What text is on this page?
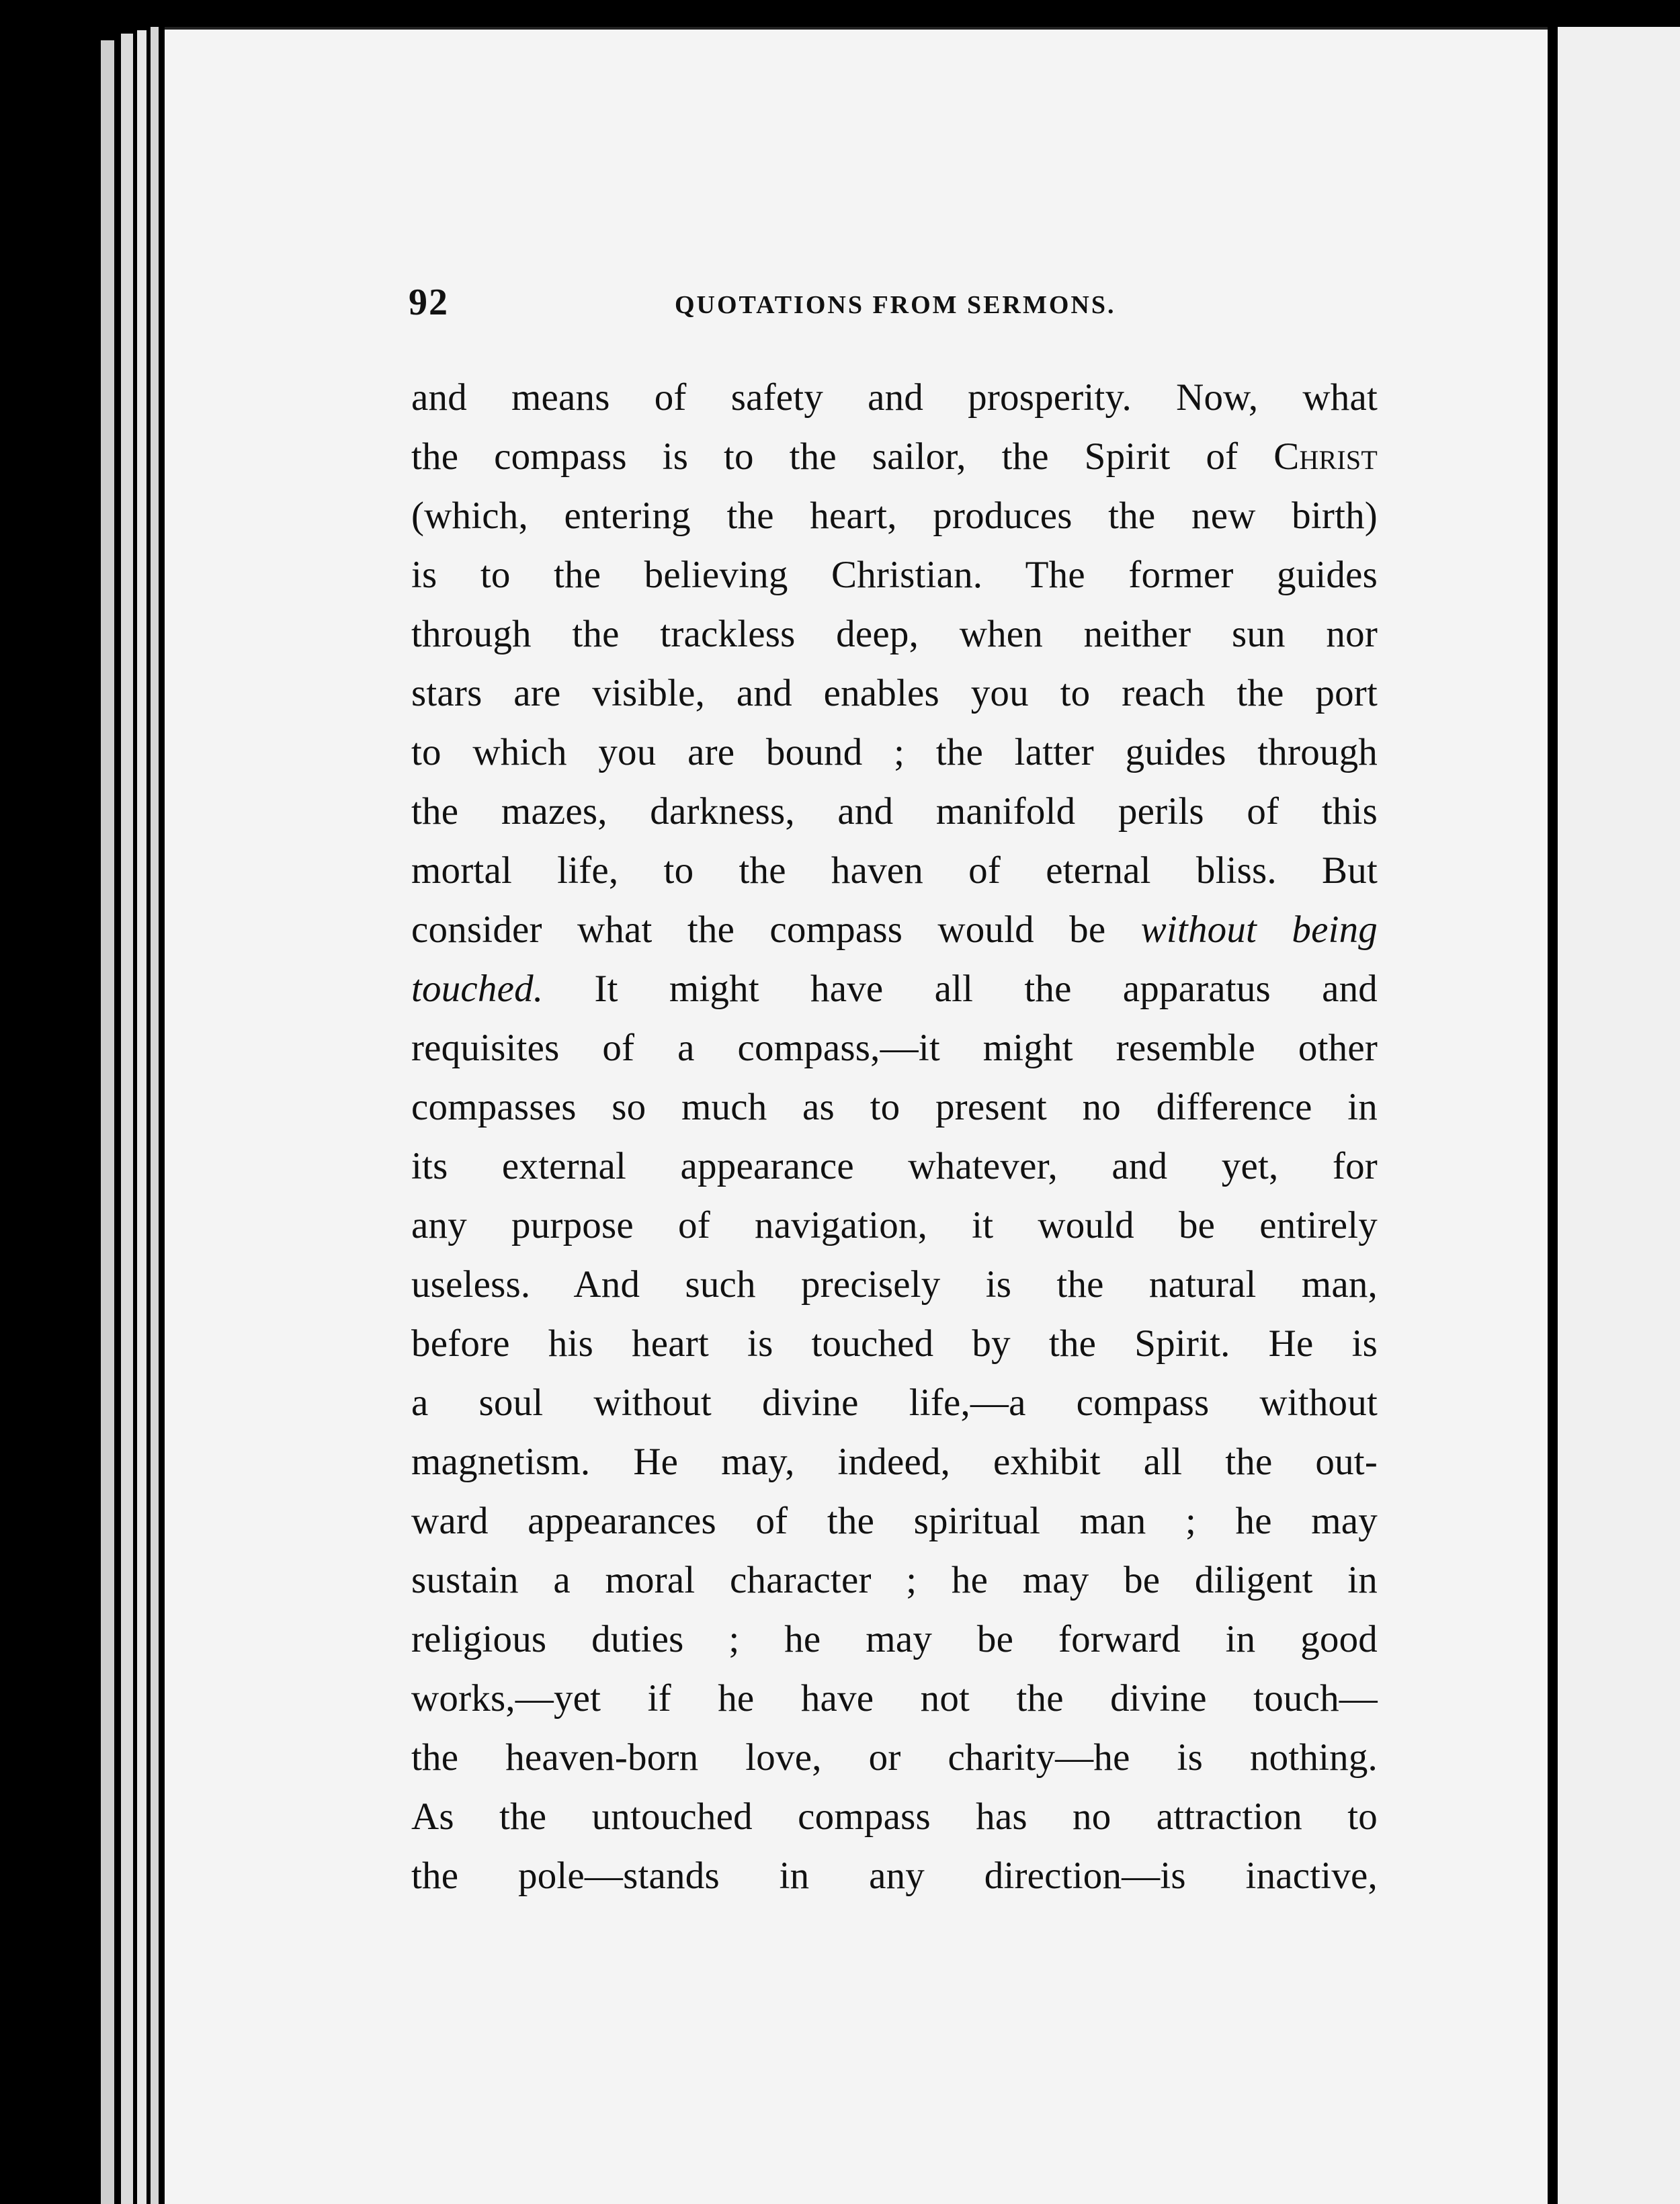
92	QUOTATIONS FROM SERMONS.
and means of safety and prosperity. Now, what
the compass is to the sailor, the Spirit of Christ
(which, entering the heart, produces the new birth)
is to the believing Christian. The former guides
through the trackless deep, when neither sun nor
stars are visible, and enables you to reach the port
to which you are bound ; the latter guides through
the mazes, darkness, and manifold perils of this
mortal life, to the haven of eternal bliss. But
consider what the compass would be without being
touched. It might have all the apparatus and
requisites of a compass,—it might resemble other
compasses so much as to present no difference in
its external appearance whatever, and yet, for
any purpose of navigation, it would be entirely
useless. And such precisely is the natural man,
before his heart is touched by the Spirit. He is
a soul without divine life,—a compass without
magnetism. He may, indeed, exhibit all the out-
ward appearances of the spiritual man ; he may
sustain a moral character ; he may be diligent in
religious duties ; he may be forward in good
works,—yet if he have not the divine touch—
the heaven-born love, or charity—he is nothing.
As the untouched compass has no attraction to
the pole—stands in any direction—is inactive,
